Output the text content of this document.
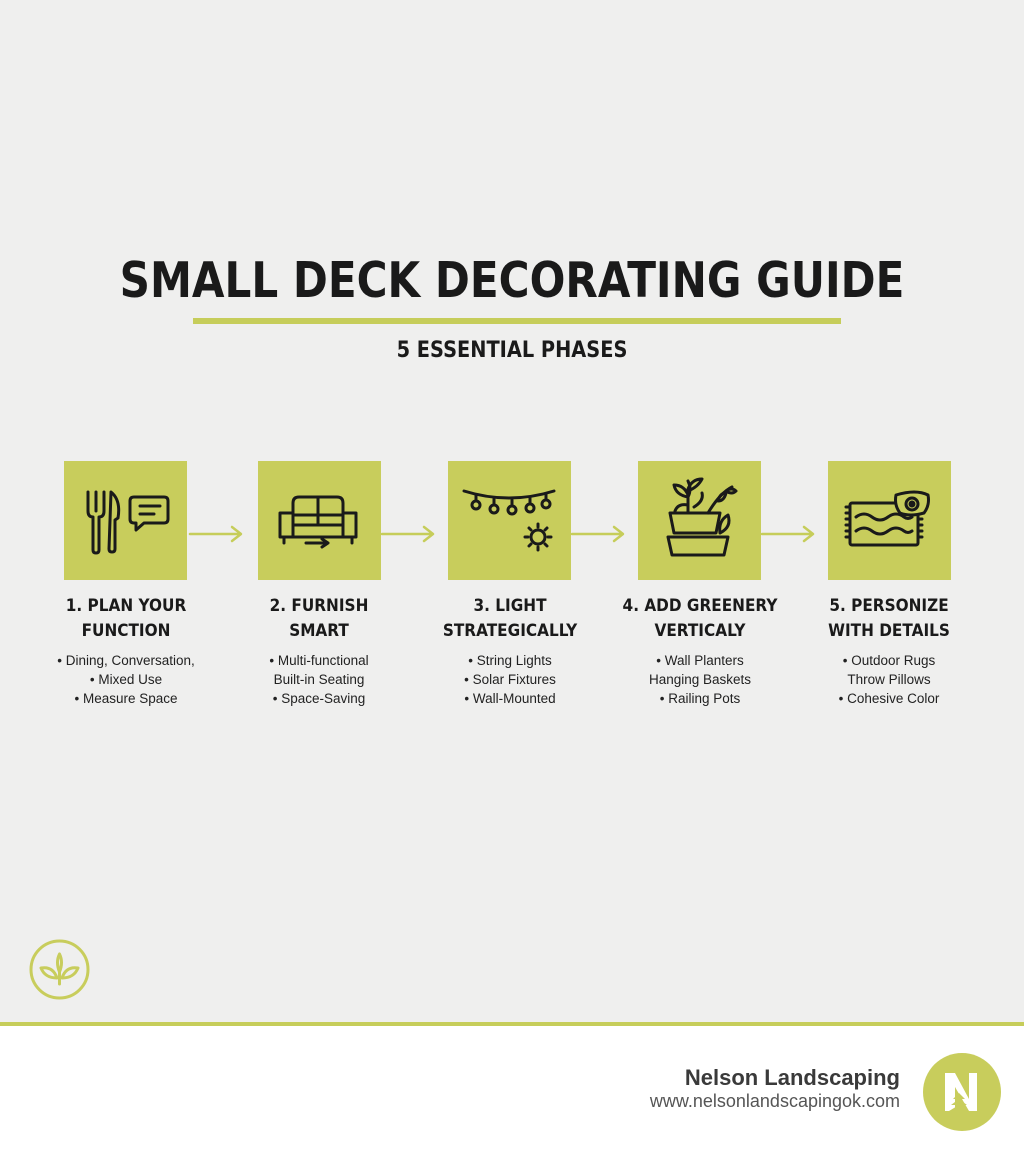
SMALL DECK DECORATING GUIDE
5 ESSENTIAL PHASES
1. PLAN YOUR
FUNCTION
• Dining, Conversation,
• Mixed Use
• Measure Space
2. FURNISH
SMART
• Multi-functional
Built-in Seating
• Space-Saving
3. LIGHT
STRATEGICALLY
• String Lights
• Solar Fixtures
• Wall-Mounted
4. ADD GREENERY
VERTICALY
• Wall Planters
Hanging Baskets
• Railing Pots
5. PERSONIZE
WITH DETAILS
• Outdoor Rugs
Throw Pillows
• Cohesive Color
Nelson Landscaping
www.nelsonlandscapingok.com
